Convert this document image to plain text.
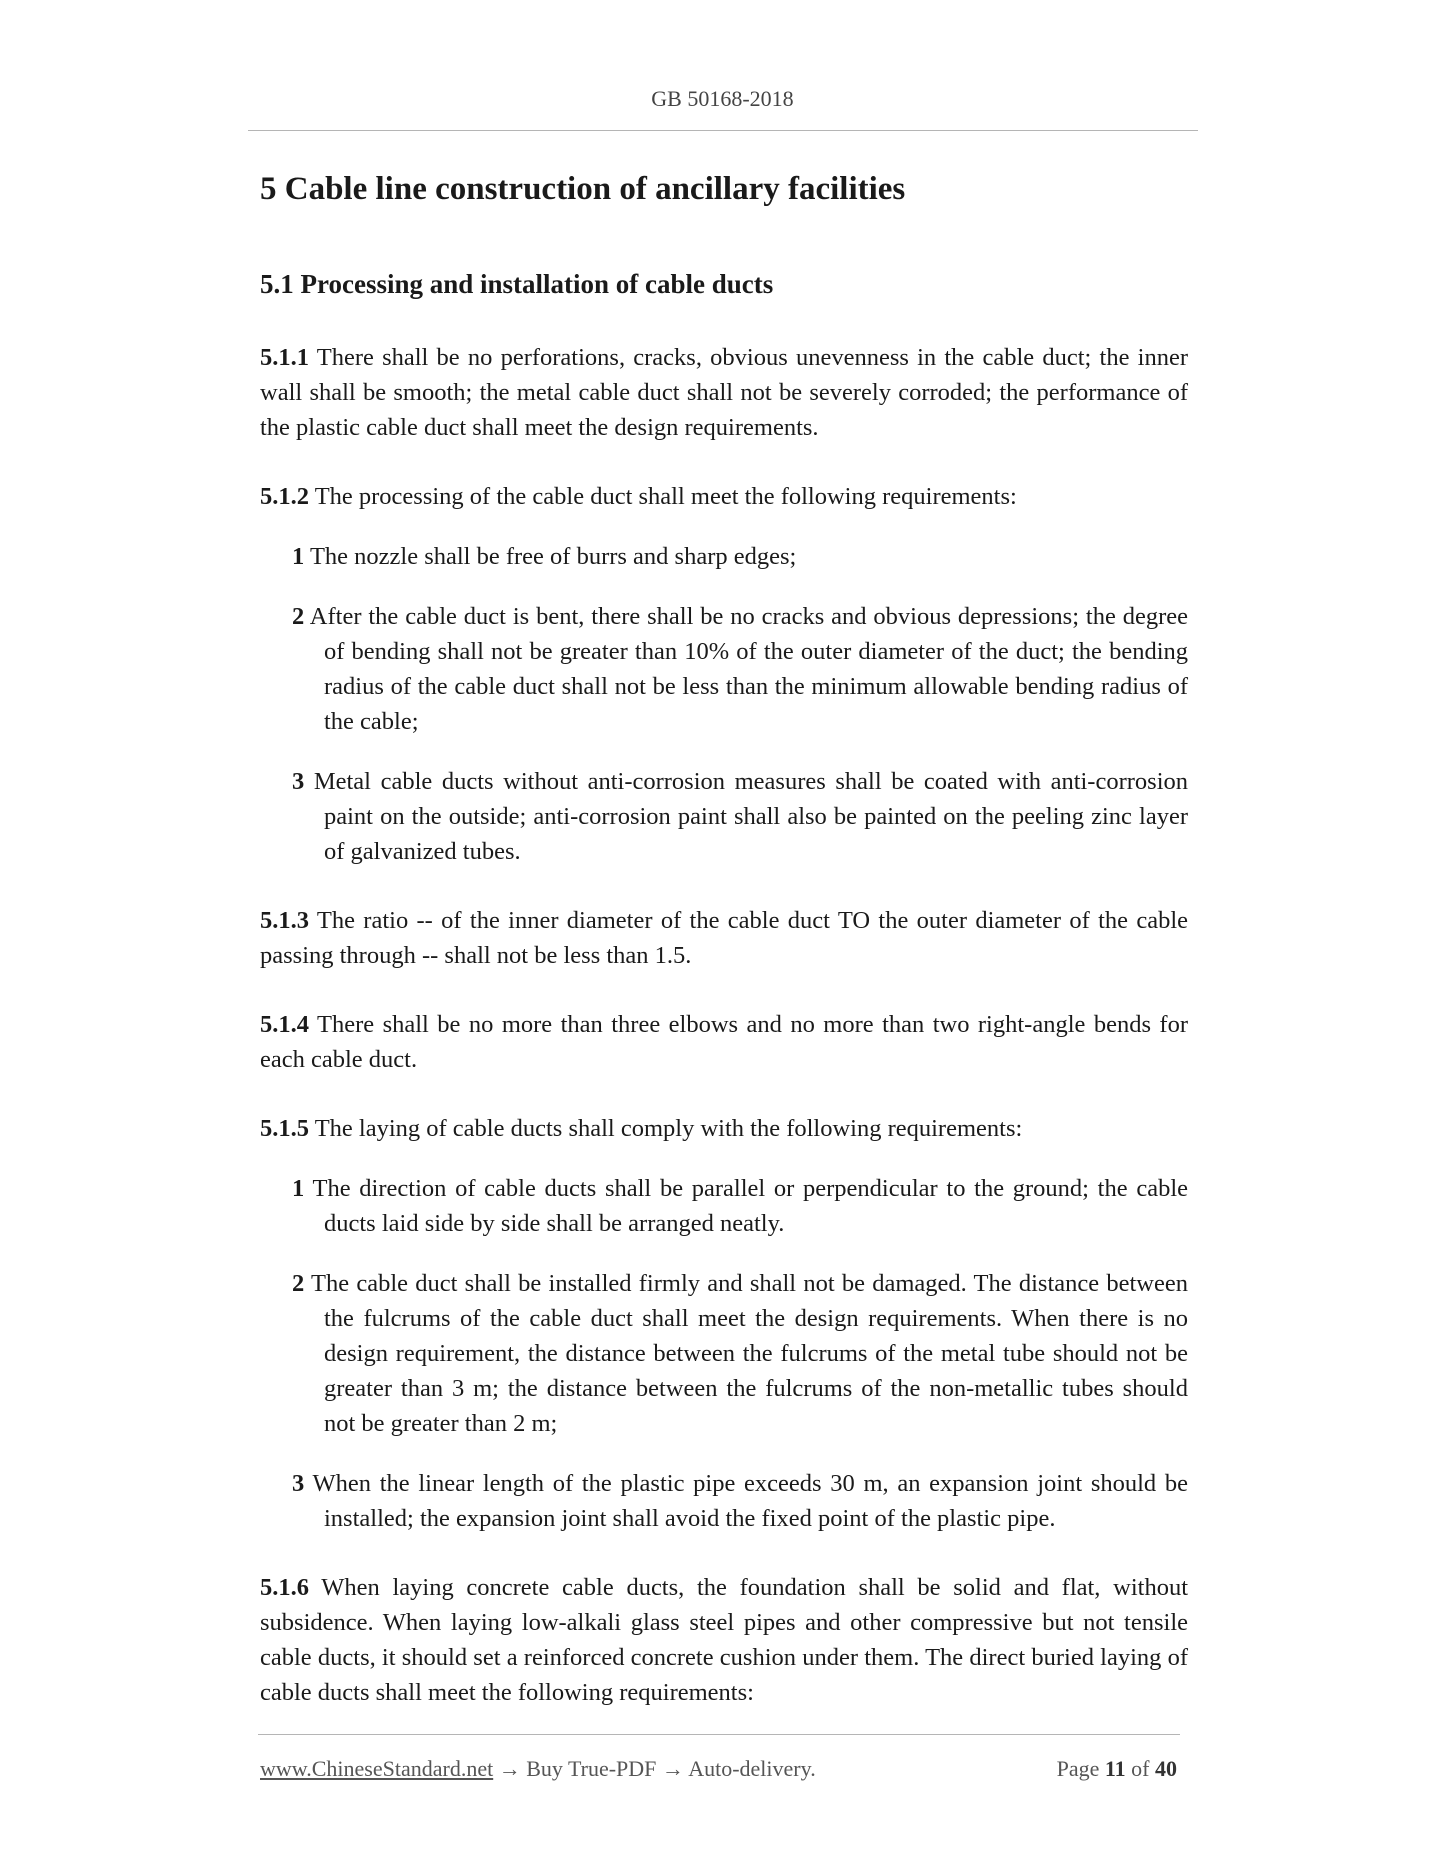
GB 50168-2018
5 Cable line construction of ancillary facilities
5.1 Processing and installation of cable ducts

5.1.1 There shall be no perforations, cracks, obvious unevenness in the cable duct; the inner wall shall be smooth; the metal cable duct shall not be severely corroded; the performance of the plastic cable duct shall meet the design requirements.

5.1.2 The processing of the cable duct shall meet the following requirements:

1 The nozzle shall be free of burrs and sharp edges;

2 After the cable duct is bent, there shall be no cracks and obvious depressions; the degree of bending shall not be greater than 10% of the outer diameter of the duct; the bending radius of the cable duct shall not be less than the minimum allowable bending radius of the cable;

3 Metal cable ducts without anti-corrosion measures shall be coated with anti-corrosion paint on the outside; anti-corrosion paint shall also be painted on the peeling zinc layer of galvanized tubes.

5.1.3 The ratio -- of the inner diameter of the cable duct TO the outer diameter of the cable passing through -- shall not be less than 1.5.

5.1.4 There shall be no more than three elbows and no more than two right-angle bends for each cable duct.

5.1.5 The laying of cable ducts shall comply with the following requirements:

1 The direction of cable ducts shall be parallel or perpendicular to the ground; the cable ducts laid side by side shall be arranged neatly.

2 The cable duct shall be installed firmly and shall not be damaged. The distance between the fulcrums of the cable duct shall meet the design requirements. When there is no design requirement, the distance between the fulcrums of the metal tube should not be greater than 3 m; the distance between the fulcrums of the non-metallic tubes should not be greater than 2 m;

3 When the linear length of the plastic pipe exceeds 30 m, an expansion joint should be installed; the expansion joint shall avoid the fixed point of the plastic pipe.

5.1.6 When laying concrete cable ducts, the foundation shall be solid and flat, without subsidence. When laying low-alkali glass steel pipes and other compressive but not tensile cable ducts, it should set a reinforced concrete cushion under them. The direct buried laying of cable ducts shall meet the following requirements:

www.ChineseStandard.net → Buy True-PDF → Auto-delivery.	Page 11 of 40
